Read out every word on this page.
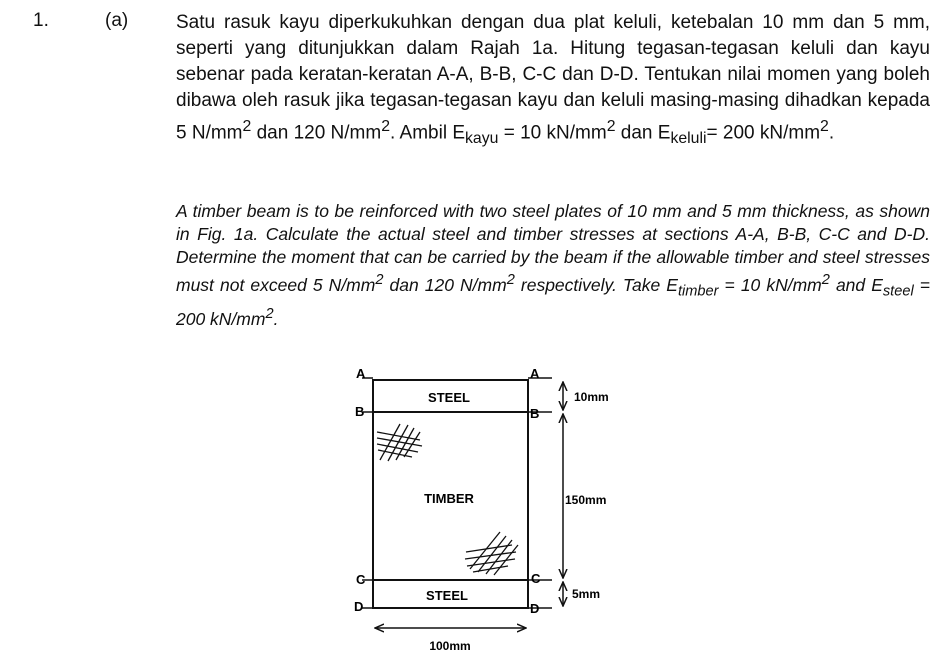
1.	(a)	Satu rasuk kayu diperkukuhkan dengan dua plat keluli, ketebalan 10 mm dan 5 mm, seperti yang ditunjukkan dalam Rajah 1a. Hitung tegasan-tegasan keluli dan kayu sebenar pada keratan-keratan A-A, B-B, C-C dan D-D. Tentukan nilai momen yang boleh dibawa oleh rasuk jika tegasan-tegasan kayu dan keluli masing-masing dihadkan kepada 5 $N/mm^2$ dan 120 $N/mm^2$. Ambil $E_{kayu} = 10$ $kN/mm^2$ dan $E_{keluli}= 200$ $kN/mm^2$.
A timber beam is to be reinforced with two steel plates of 10 mm and 5 mm thickness, as shown in Fig. 1a. Calculate the actual steel and timber stresses at sections A-A, B-B, C-C and D-D. Determine the moment that can be carried by the beam if the allowable timber and steel stresses must not exceed 5 $N/mm^2$ dan 120 $N/mm^2$ respectively. Take $E_{timber} = 10$ $kN/mm^2$ and $E_{steel} = 200$ $kN/mm^2$.
STEEL
TIMBER
STEEL
A	A
B	B
C	C
D	D
10mm
150mm
5mm
100mm
